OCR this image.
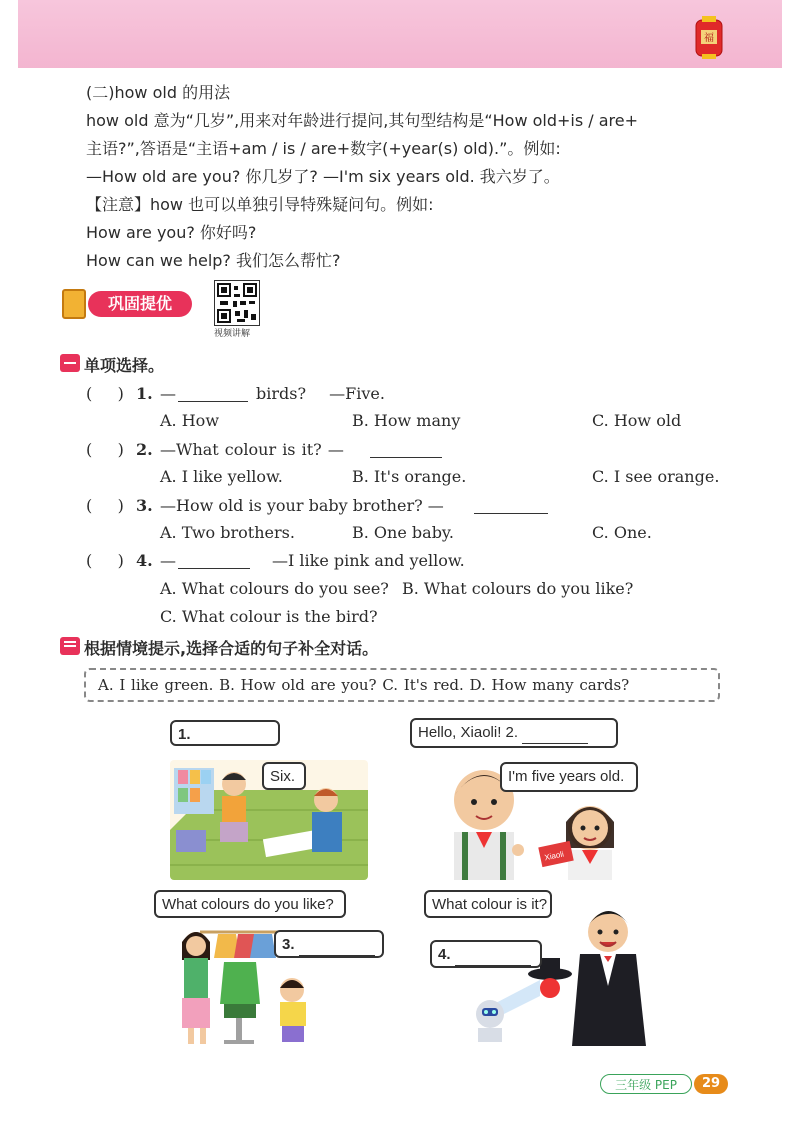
福
(二)how old 的用法
how old 意为“几岁”,用来对年龄进行提问,其句型结构是“How old+is / are+
主语?”,答语是“主语+am / is / are+数字(+year(s) old).”。例如:
—How old are you? 你几岁了? —I'm six years old. 我六岁了。
【注意】how 也可以单独引导特殊疑问句。例如:
How are you? 你好吗?
How can we help? 我们怎么帮忙?
巩固提优
视频讲解
单项选择。
(     ) 1. —	birds? —Five.
A. How	B. How many	C. How old
(     ) 2. —What colour is it? —
A. I like yellow.	B. It's orange.	C. I see orange.
(     ) 3. —How old is your baby brother? —
A. Two brothers.	B. One baby.	C. One.
(     ) 4. —	—I like pink and yellow.
A. What colours do you see? B. What colours do you like?
C. What colour is the bird?
根据情境提示,选择合适的句子补全对话。
A. I like green. B. How old are you? C. It's red. D. How many cards?
1.
Six.
Xiaoli
Hello, Xiaoli! 2.
I'm five years old.
What colours do you like?
3.
What colour is it?
4.
三年级 PEP	29
